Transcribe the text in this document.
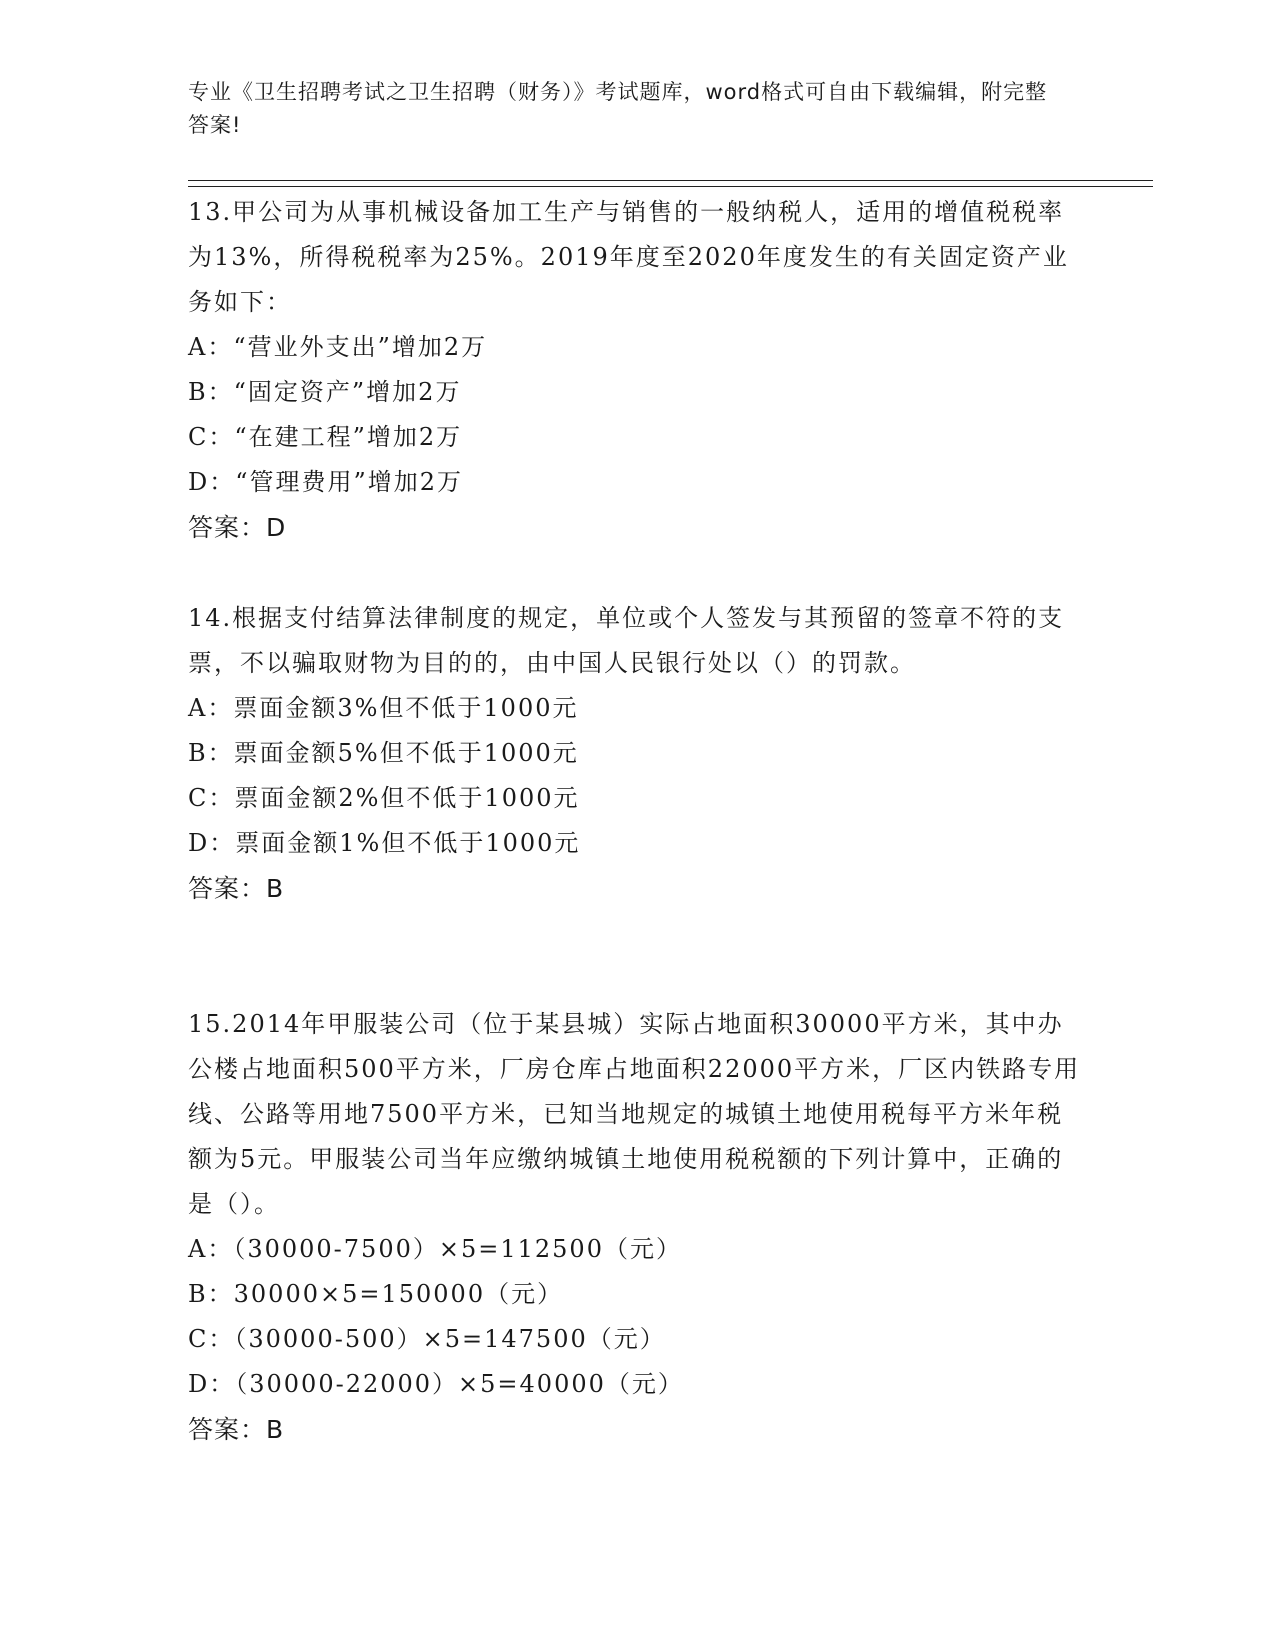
专业《卫生招聘考试之卫生招聘（财务）》考试题库，word格式可自由下载编辑，附完整答案!

13.甲公司为从事机械设备加工生产与销售的一般纳税人，适用的增值税税率为13%，所得税税率为25%。2019年度至2020年度发生的有关固定资产业务如下：

A：“营业外支出”增加2万

B：“固定资产”增加2万

C：“在建工程”增加2万

D：“管理费用”增加2万

答案：D

14.根据支付结算法律制度的规定，单位或个人签发与其预留的签章不符的支票，不以骗取财物为目的的，由中国人民银行处以（）的罚款。

A：票面金额3%但不低于1000元

B：票面金额5%但不低于1000元

C：票面金额2%但不低于1000元

D：票面金额1%但不低于1000元

答案：B

15.2014年甲服装公司（位于某县城）实际占地面积30000平方米，其中办公楼占地面积500平方米，厂房仓库占地面积22000平方米，厂区内铁路专用线、公路等用地7500平方米，已知当地规定的城镇土地使用税每平方米年税额为5元。甲服装公司当年应缴纳城镇土地使用税税额的下列计算中，正确的是（）。

A：（30000-7500）×5=112500（元）

B：30000×5=150000（元）

C：（30000-500）×5=147500（元）

D：（30000-22000）×5=40000（元）

答案：B
